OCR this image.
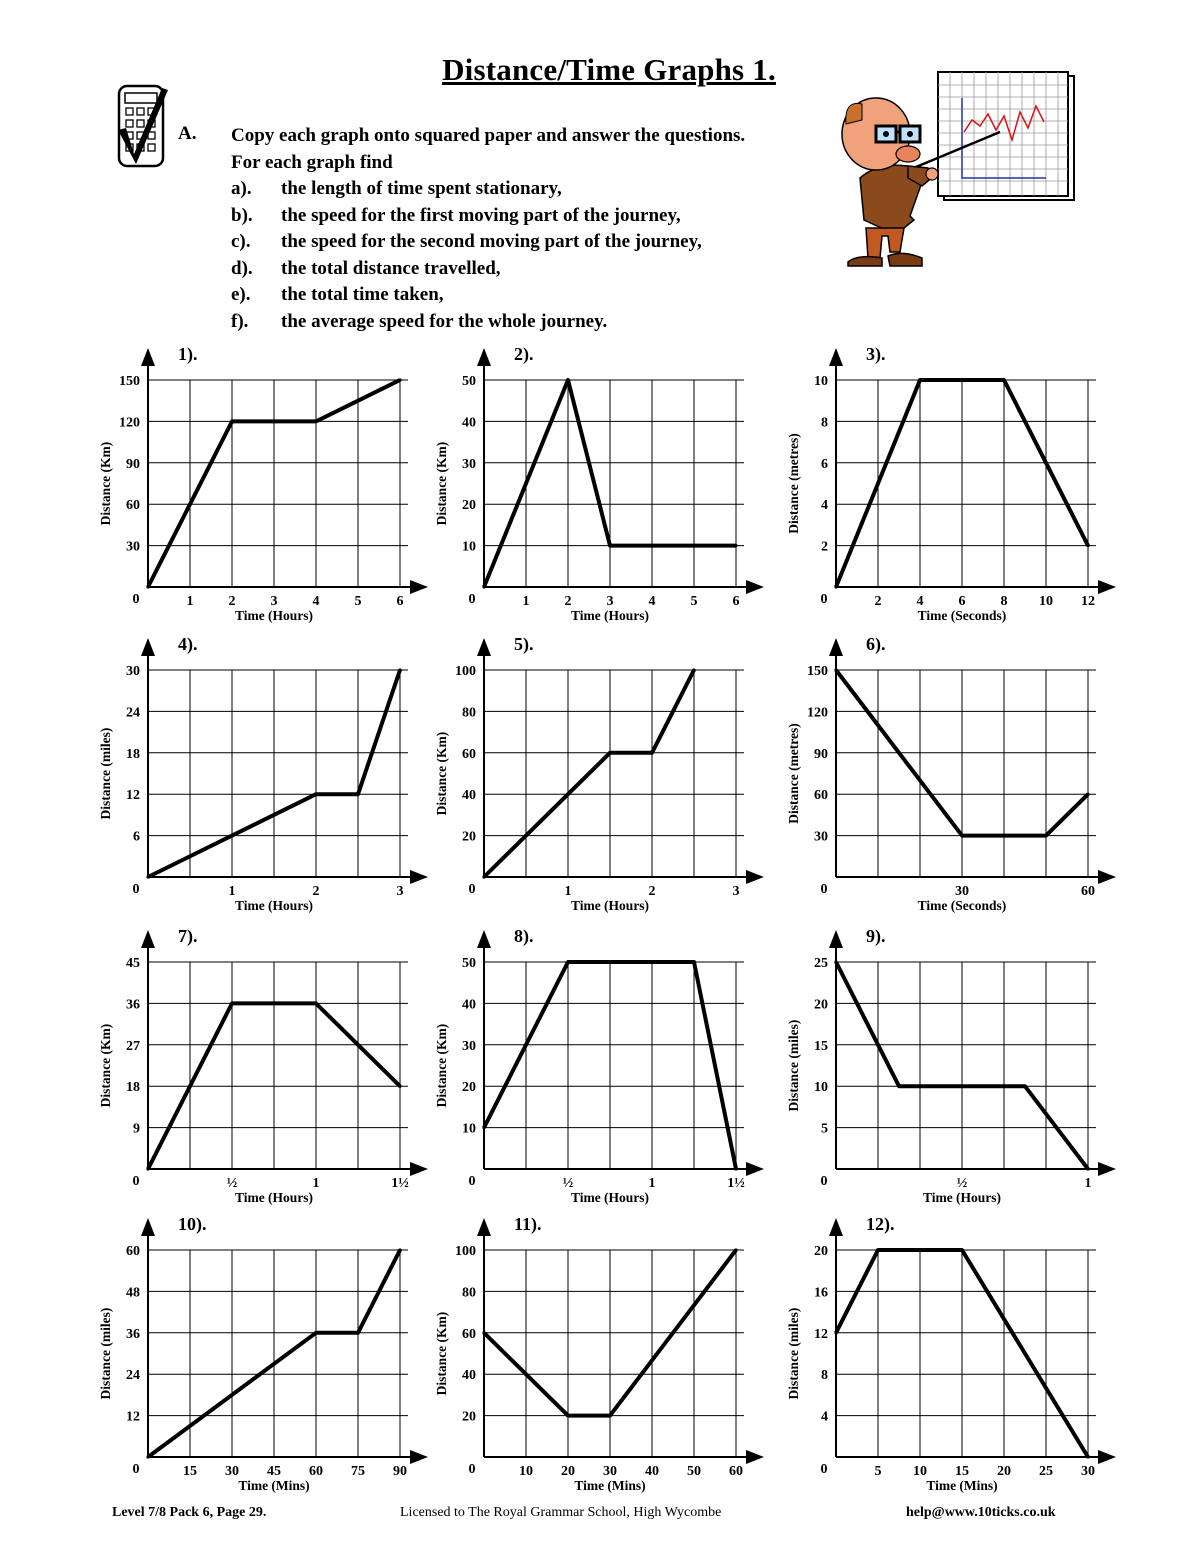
Distance/Time Graphs 1.
A. Copy each graph onto squared paper and answer the questions.
For each graph find
a).	the length of time spent stationary,
b).	the speed for the first moving part of the journey,
c).	the speed for the second moving part of the journey,
d).	the total distance travelled,
e).	the total time taken,
f).	the average speed for the whole journey.
30
60
90
120
150
0	1	2	3	4	5	6
Time (Hours)
Distance (Km)
1).
10
20
30
40
50
0	1	2	3	4	5	6
Time (Hours)
Distance (Km)
2).
2
4
6
8
10
0	2	4	6	8 10 12
Time (Seconds)
Distance (metres)
3).
6
12
18
24
30
0	1	2	3
Time (Hours)
Distance (miles)
4).
20
40
60
80
100
0	1	2	3
Time (Hours)
Distance (Km)
5).
30
60
90
120
150
0	30	60
Time (Seconds)
Distance (metres)
6).
9
18
27
36
45
0	½	1	1½
Time (Hours)
Distance (Km)
7).
10
20
30
40
50
0	½	1	1½
Time (Hours)
Distance (Km)
8).
5
10
15
20
25
0	½	1
Time (Hours)
Distance (miles)
9).
12
24
36
48
60
0	15 30 45 60 75 90
Time (Mins)
Distance (miles)
10).
20
40
60
80
100
0	10 20 30 40 50 60
Time (Mins)
Distance (Km)
11).
4
8
12
16
20
0	5 10 15 20 25 30
Time (Mins)
Distance (miles)
12).
Level 7/8 Pack 6, Page 29.	Licensed to The Royal Grammar School, High Wycombe	help@www.10ticks.co.uk
